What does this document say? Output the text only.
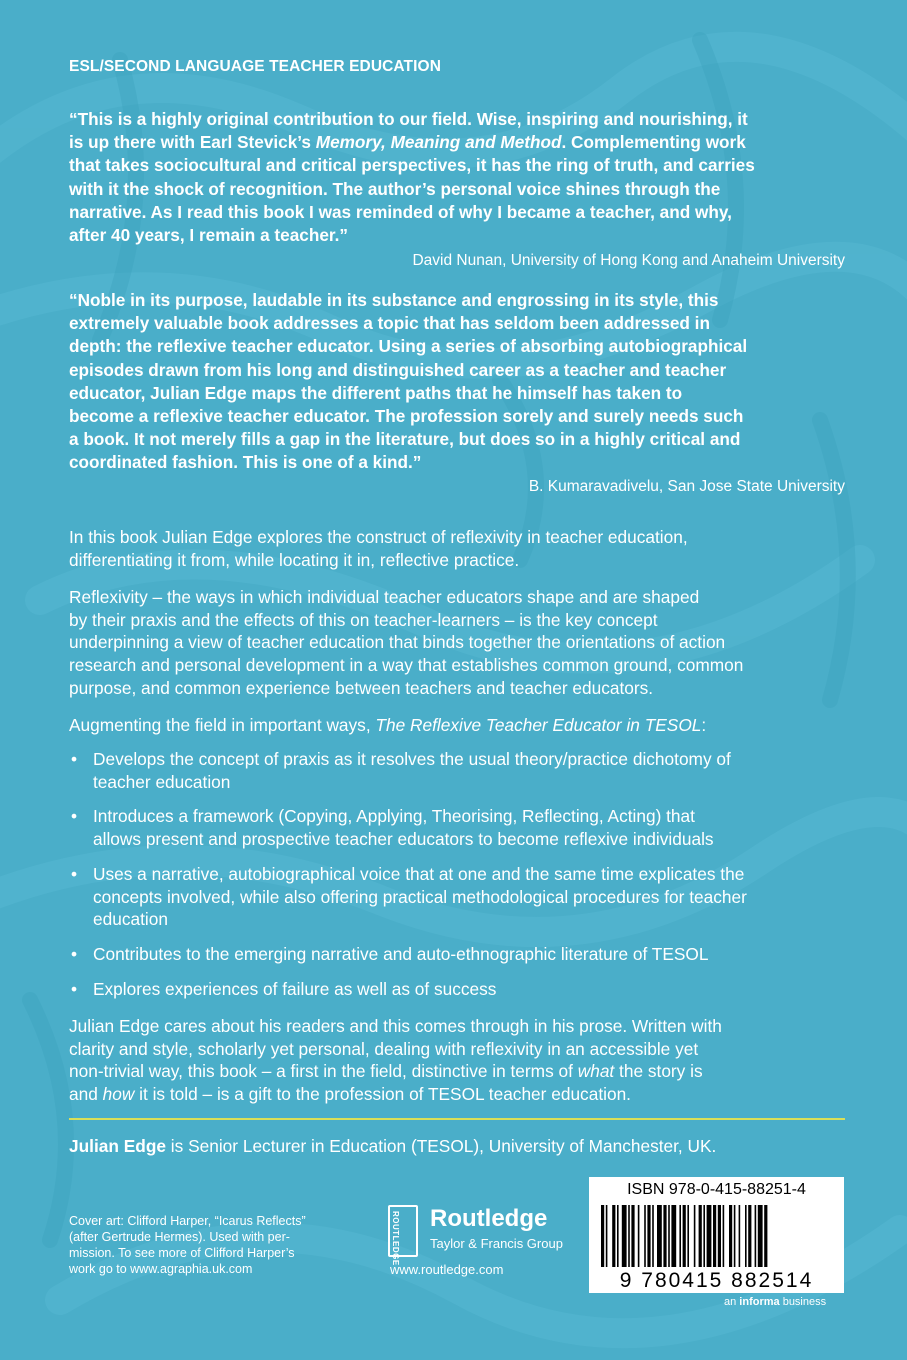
ESL/SECOND LANGUAGE TEACHER EDUCATION
“This is a highly original contribution to our field. Wise, inspiring and nourishing, it
is up there with Earl Stevick’s Memory, Meaning and Method. Complementing work
that takes sociocultural and critical perspectives, it has the ring of truth, and carries
with it the shock of recognition. The author’s personal voice shines through the
narrative. As I read this book I was reminded of why I became a teacher, and why,
after 40 years, I remain a teacher.”
David Nunan, University of Hong Kong and Anaheim University
“Noble in its purpose, laudable in its substance and engrossing in its style, this
extremely valuable book addresses a topic that has seldom been addressed in
depth: the reflexive teacher educator. Using a series of absorbing autobiographical
episodes drawn from his long and distinguished career as a teacher and teacher
educator, Julian Edge maps the different paths that he himself has taken to
become a reflexive teacher educator. The profession sorely and surely needs such
a book. It not merely fills a gap in the literature, but does so in a highly critical and
coordinated fashion. This is one of a kind.”
B. Kumaravadivelu, San Jose State University
In this book Julian Edge explores the construct of reflexivity in teacher education,
differentiating it from, while locating it in, reflective practice.
Reflexivity – the ways in which individual teacher educators shape and are shaped
by their praxis and the effects of this on teacher-learners – is the key concept
underpinning a view of teacher education that binds together the orientations of action
research and personal development in a way that establishes common ground, common
purpose, and common experience between teachers and teacher educators.
Augmenting the field in important ways, The Reflexive Teacher Educator in TESOL:
• Develops the concept of praxis as it resolves the usual theory/practice dichotomy of
teacher education
• Introduces a framework (Copying, Applying, Theorising, Reflecting, Acting) that
allows present and prospective teacher educators to become reflexive individuals
• Uses a narrative, autobiographical voice that at one and the same time explicates the
concepts involved, while also offering practical methodological procedures for teacher
education
• Contributes to the emerging narrative and auto-ethnographic literature of TESOL
• Explores experiences of failure as well as of success
Julian Edge cares about his readers and this comes through in his prose. Written with
clarity and style, scholarly yet personal, dealing with reflexivity in an accessible yet
non-trivial way, this book – a first in the field, distinctive in terms of what the story is
and how it is told – is a gift to the profession of TESOL teacher education.
Julian Edge is Senior Lecturer in Education (TESOL), University of Manchester, UK.
Cover art: Clifford Harper, “Icarus Reflects”
(after Gertrude Hermes). Used with per-
mission. To see more of Clifford Harper’s
work go to www.agraphia.uk.com
ROUTLEDGE Routledge
Taylor & Francis Group
www.routledge.com
ISBN 978-0-415-88251-4
9 780415 882514
an informa business
